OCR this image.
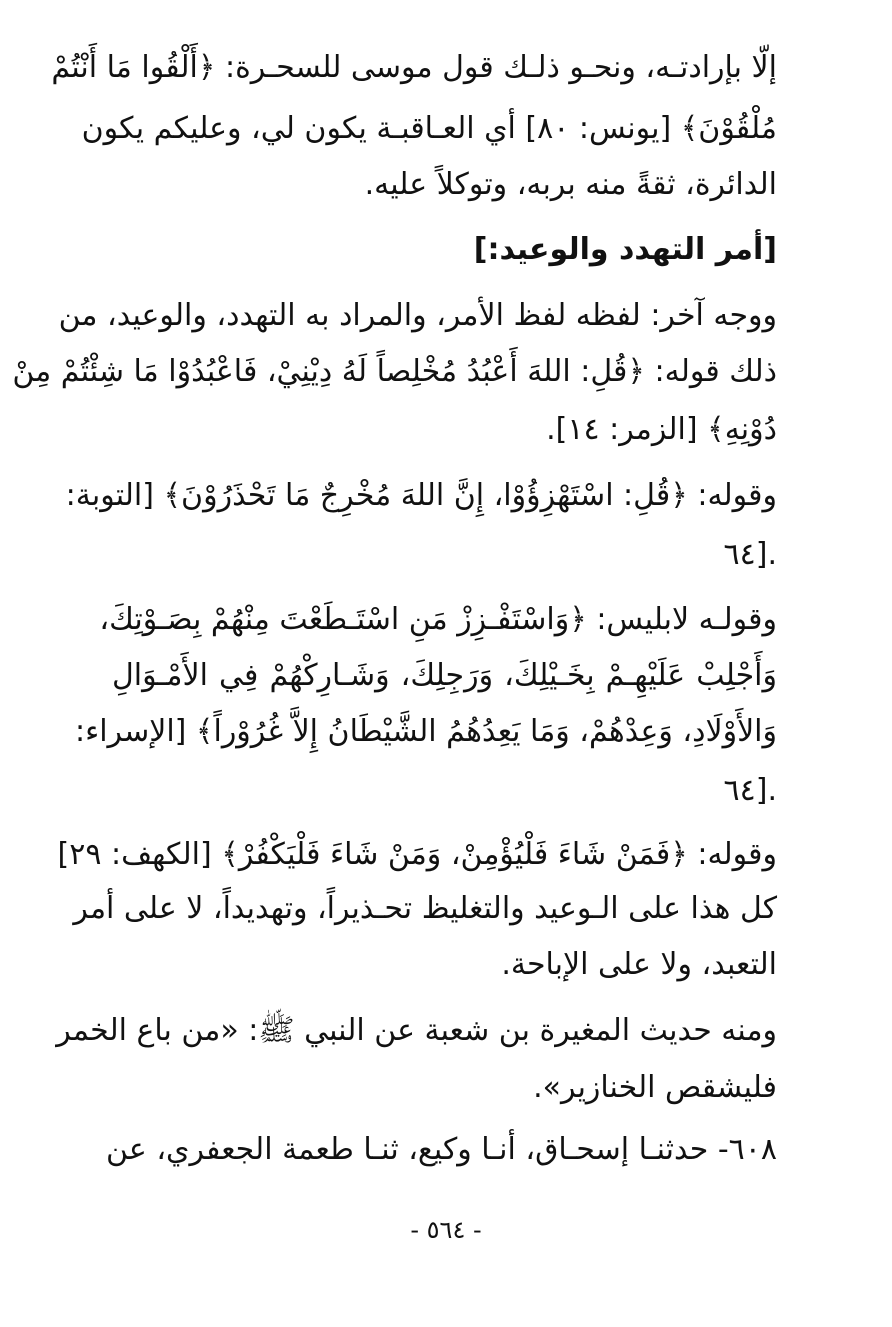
إلّا بإرادتـه، ونحـو ذلـك قول موسى للسحـرة: ﴿أَلْقُوا مَا أَنْتُمْ
مُلْقُوْنَ﴾ [يونس: ٨٠] أي العـاقبـة يكون لي، وعليكم يكون
الدائرة، ثقةً منه بربه، وتوكلاً عليه.
[أمر التهدد والوعيد:]
ووجه آخر: لفظه لفظ الأمر، والمراد به التهدد، والوعيد، من
ذلك قوله: ﴿قُلِ: اللهَ أَعْبُدُ مُخْلِصاً لَهُ دِيْنِيْ، فَاعْبُدُوْا مَا شِئْتُمْ مِنْ
دُوْنِهِ﴾ [الزمر: ١٤].
وقوله: ﴿قُلِ: اسْتَهْزِؤُوْا، إِنَّ اللهَ مُخْرِجٌ مَا تَحْذَرُوْنَ﴾ [التوبة:
٦٤].
وقولـه لابليس: ﴿وَاسْتَفْـزِزْ مَنِ اسْتَـطَعْتَ مِنْهُمْ بِصَـوْتِكَ،
وَأَجْلِبْ عَلَيْهِـمْ بِخَـيْلِكَ، وَرَجِلِكَ، وَشَـارِكْهُمْ فِي الأَمْـوَالِ
وَالأَوْلَادِ، وَعِدْهُمْ، وَمَا يَعِدُهُمُ الشَّيْطَانُ إِلاَّ غُرُوْراً﴾ [الإسراء:
٦٤].
وقوله: ﴿فَمَنْ شَاءَ فَلْيُؤْمِنْ، وَمَنْ شَاءَ فَلْيَكْفُرْ﴾ [الكهف: ٢٩]
كل هذا على الـوعيد والتغليظ تحـذيراً، وتهديداً، لا على أمر
التعبد، ولا على الإباحة.
ومنه حديث المغيرة بن شعبة عن النبي ﷺ: «من باع الخمر
فليشقص الخنازير».
٦٠٨- حدثنـا إسحـاق، أنـا وكيع، ثنـا طعمة الجعفري، عن
- ٥٦٤ -
